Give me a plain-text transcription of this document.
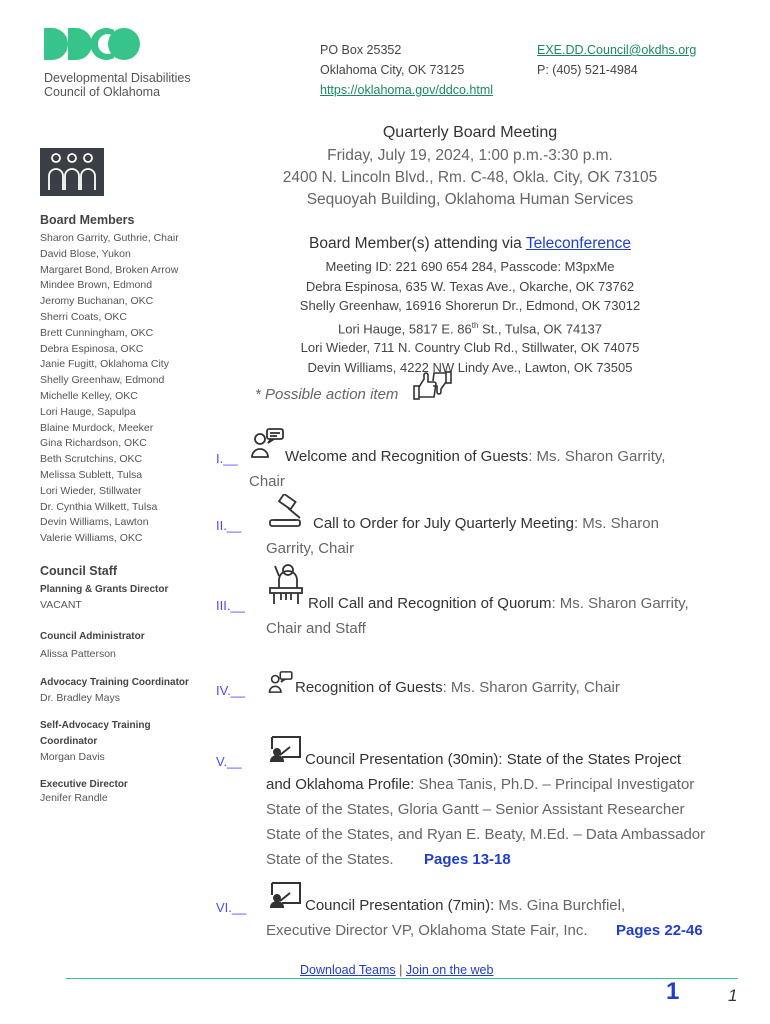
Developmental Disabilities
Council of Oklahoma
PO Box 25352
Oklahoma City, OK 73125
https://oklahoma.gov/ddco.html
EXE.DD.Council@okdhs.org
P: (405) 521-4984
Board Members
Sharon Garrity, Guthrie, Chair
David Blose, Yukon
Margaret Bond, Broken Arrow
Mindee Brown, Edmond
Jeromy Buchanan, OKC
Sherri Coats, OKC
Brett Cunningham, OKC
Debra Espinosa, OKC
Janie Fugitt, Oklahoma City
Shelly Greenhaw, Edmond
Michelle Kelley, OKC
Lori Hauge, Sapulpa
Blaine Murdock, Meeker
Gina Richardson, OKC
Beth Scrutchins, OKC
Melissa Sublett, Tulsa
Lori Wieder, Stillwater
Dr. Cynthia Wilkett, Tulsa
Devin Williams, Lawton
Valerie Williams, OKC
Council Staff
Planning & Grants Director
VACANT
Council Administrator
Alissa Patterson
Advocacy Training Coordinator
Dr. Bradley Mays
Self-Advocacy Training Coordinator
Morgan Davis
Executive Director
Jenifer Randle
Quarterly Board Meeting
Friday, July 19, 2024, 1:00 p.m.-3:30 p.m.
2400 N. Lincoln Blvd., Rm. C-48, Okla. City, OK 73105
Sequoyah Building, Oklahoma Human Services
Board Member(s) attending via Teleconference
Meeting ID: 221 690 654 284, Passcode: M3pxMe
Debra Espinosa, 635 W. Texas Ave., Okarche, OK 73762
Shelly Greenhaw, 16916 Shorerun Dr., Edmond, OK 73012
Lori Hauge, 5817 E. 86th St., Tulsa, OK 74137
Lori Wieder, 711 N. Country Club Rd., Stillwater, OK 74075
Devin Williams, 4222 NW Lindy Ave., Lawton, OK 73505
* Possible action item
I.__	Welcome and Recognition of Guests: Ms. Sharon Garrity,
Chair
II.__	Call to Order for July Quarterly Meeting: Ms. Sharon
Garrity, Chair
III.__	Roll Call and Recognition of Quorum: Ms. Sharon Garrity,
Chair and Staff
IV.__	Recognition of Guests: Ms. Sharon Garrity, Chair
V.__	Council Presentation (30min): State of the States Project
and Oklahoma Profile: Shea Tanis, Ph.D. – Principal Investigator
State of the States, Gloria Gantt – Senior Assistant Researcher
State of the States, and Ryan E. Beaty, M.Ed. – Data Ambassador
State of the States. Pages 13-18
VI.__	Council Presentation (7min): Ms. Gina Burchfiel,
Executive Director VP, Oklahoma State Fair, Inc. Pages 22-46
Download Teams | Join on the web
1	1
